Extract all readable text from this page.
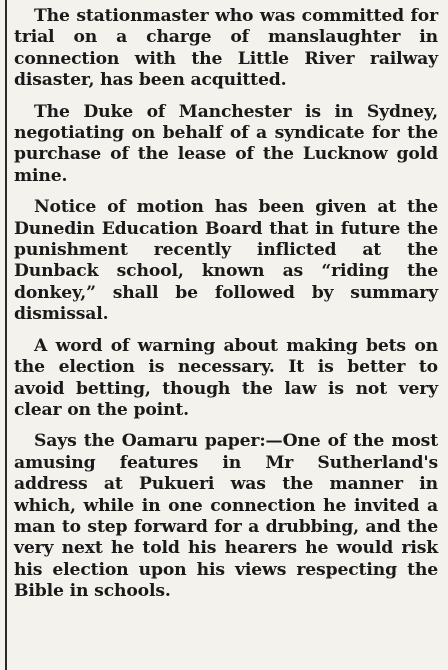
The stationmaster who was committed for trial on a charge of manslaughter in connection with the Little River railway disaster, has been acquitted.

The Duke of Manchester is in Sydney, negotiating on behalf of a syndicate for the purchase of the lease of the Lucknow gold mine.

Notice of motion has been given at the Dunedin Education Board that in future the punishment recently inflicted at the Dunback school, known as “riding the donkey,” shall be followed by summary dismissal.

A word of warning about making bets on the election is necessary. It is better to avoid betting, though the law is not very clear on the point.

Says the Oamaru paper:—One of the most amusing features in Mr Sutherland's address at Pukueri was the manner in which, while in one connection he invited a man to step forward for a drubbing, and the very next he told his hearers he would risk his election upon his views respecting the Bible in schools.
